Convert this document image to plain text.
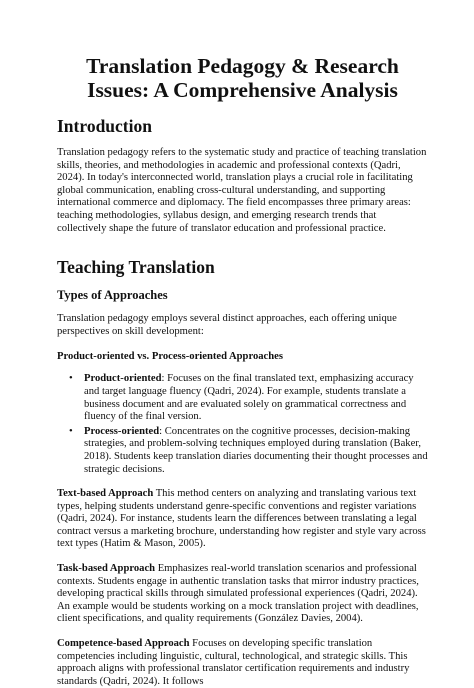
Translation Pedagogy & Research Issues: A Comprehensive Analysis
Introduction

Translation pedagogy refers to the systematic study and practice of teaching translation skills, theories, and methodologies in academic and professional contexts (Qadri, 2024). In today's interconnected world, translation plays a crucial role in facilitating global communication, enabling cross-cultural understanding, and supporting international commerce and diplomacy. The field encompasses three primary areas: teaching methodologies, syllabus design, and emerging research trends that collectively shape the future of translator education and professional practice.

Teaching Translation
Types of Approaches

Translation pedagogy employs several distinct approaches, each offering unique perspectives on skill development:

Product-oriented vs. Process-oriented Approaches
• Product-oriented: Focuses on the final translated text, emphasizing accuracy and target language fluency (Qadri, 2024). For example, students translate a business document and are evaluated solely on grammatical correctness and fluency of the final version.
• Process-oriented: Concentrates on the cognitive processes, decision-making strategies, and problem-solving techniques employed during translation (Baker, 2018). Students keep translation diaries documenting their thought processes and strategic decisions.

Text-based Approach This method centers on analyzing and translating various text types, helping students understand genre-specific conventions and register variations (Qadri, 2024). For instance, students learn the differences between translating a legal contract versus a marketing brochure, understanding how register and style vary across text types (Hatim & Mason, 2005).

Task-based Approach Emphasizes real-world translation scenarios and professional contexts. Students engage in authentic translation tasks that mirror industry practices, developing practical skills through simulated professional experiences (Qadri, 2024). An example would be students working on a mock translation project with deadlines, client specifications, and quality requirements (González Davies, 2004).

Competence-based Approach Focuses on developing specific translation competencies including linguistic, cultural, technological, and strategic skills. This approach aligns with professional translator certification requirements and industry standards (Qadri, 2024). It follows
